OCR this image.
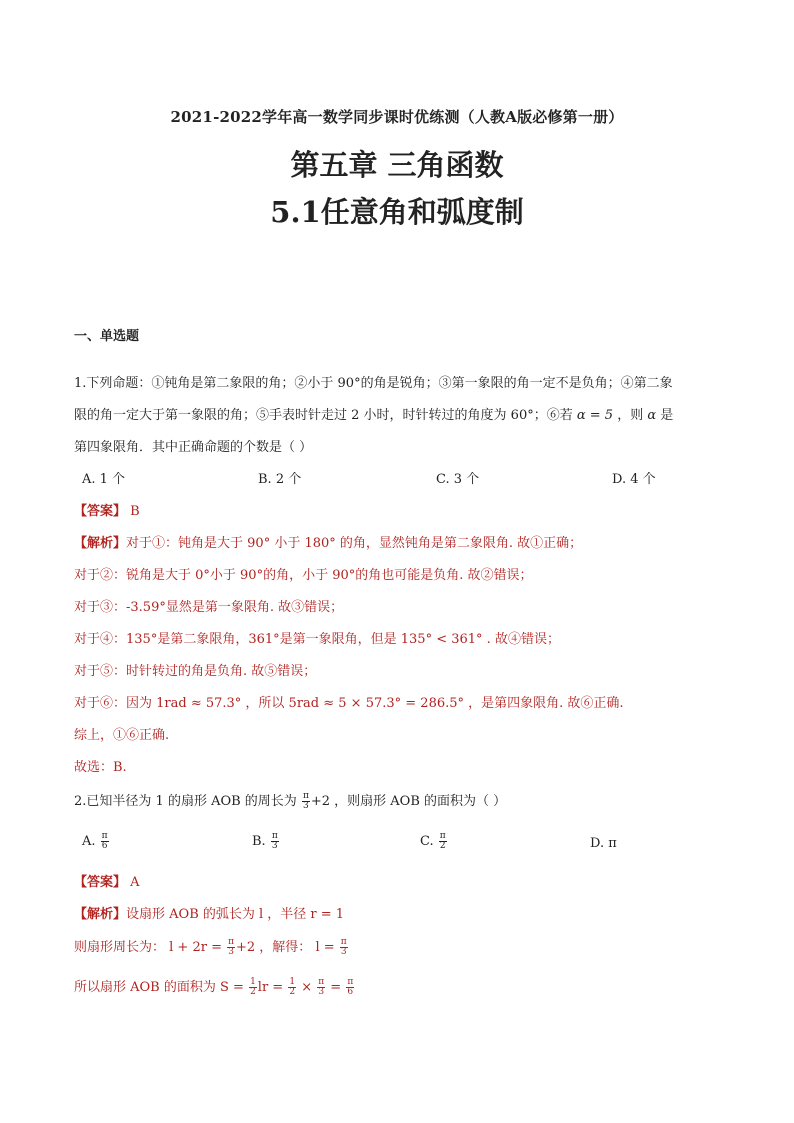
2021-2022学年高一数学同步课时优练测（人教A版必修第一册）
第五章 三角函数
5.1任意角和弧度制
一、单选题
1.下列命题：①钝角是第二象限的角；②小于 90°的角是锐角；③第一象限的角一定不是负角；④第二象
限的角一定大于第一象限的角；⑤手表时针走过 2 小时，时针转过的角度为 60°；⑥若 α = 5 ，则 α 是
第四象限角．其中正确命题的个数是（ ）
A. 1 个	B. 2 个	C. 3 个	D. 4 个
【答案】 B
【解析】对于①：钝角是大于 90° 小于 180° 的角，显然钝角是第二象限角. 故①正确；
对于②：锐角是大于 0°小于 90°的角，小于 90°的角也可能是负角. 故②错误；
对于③：-3.59°显然是第一象限角. 故③错误；
对于④：135°是第二象限角，361°是第一象限角，但是 135° < 361° . 故④错误；
对于⑤：时针转过的角是负角. 故⑤错误；
对于⑥：因为 1rad ≈ 57.3° ，所以 5rad ≈ 5 × 57.3° = 286.5° ，是第四象限角. 故⑥正确.
综上，①⑥正确.
故选：B.
2.已知半径为 1 的扇形 AOB 的周长为 $\frac{\pi}{3} +2$ ，则扇形 AOB 的面积为（ ）
A. $\frac{\pi}{6}$	B. $\frac{\pi}{3}$	C. $\frac{\pi}{2}$	D. π
【答案】 A
【解析】设扇形 AOB 的弧长为 l ，半径 r = 1
则扇形周长为： $l + 2r = \frac{\pi}{3} +2$ ，解得： $l = \frac{\pi}{3}$
所以扇形 AOB 的面积为 $S = \frac{1}{2}$ lr = $\frac{1}{2} \times \frac{\pi}{3} = \frac{\pi}{6}$
